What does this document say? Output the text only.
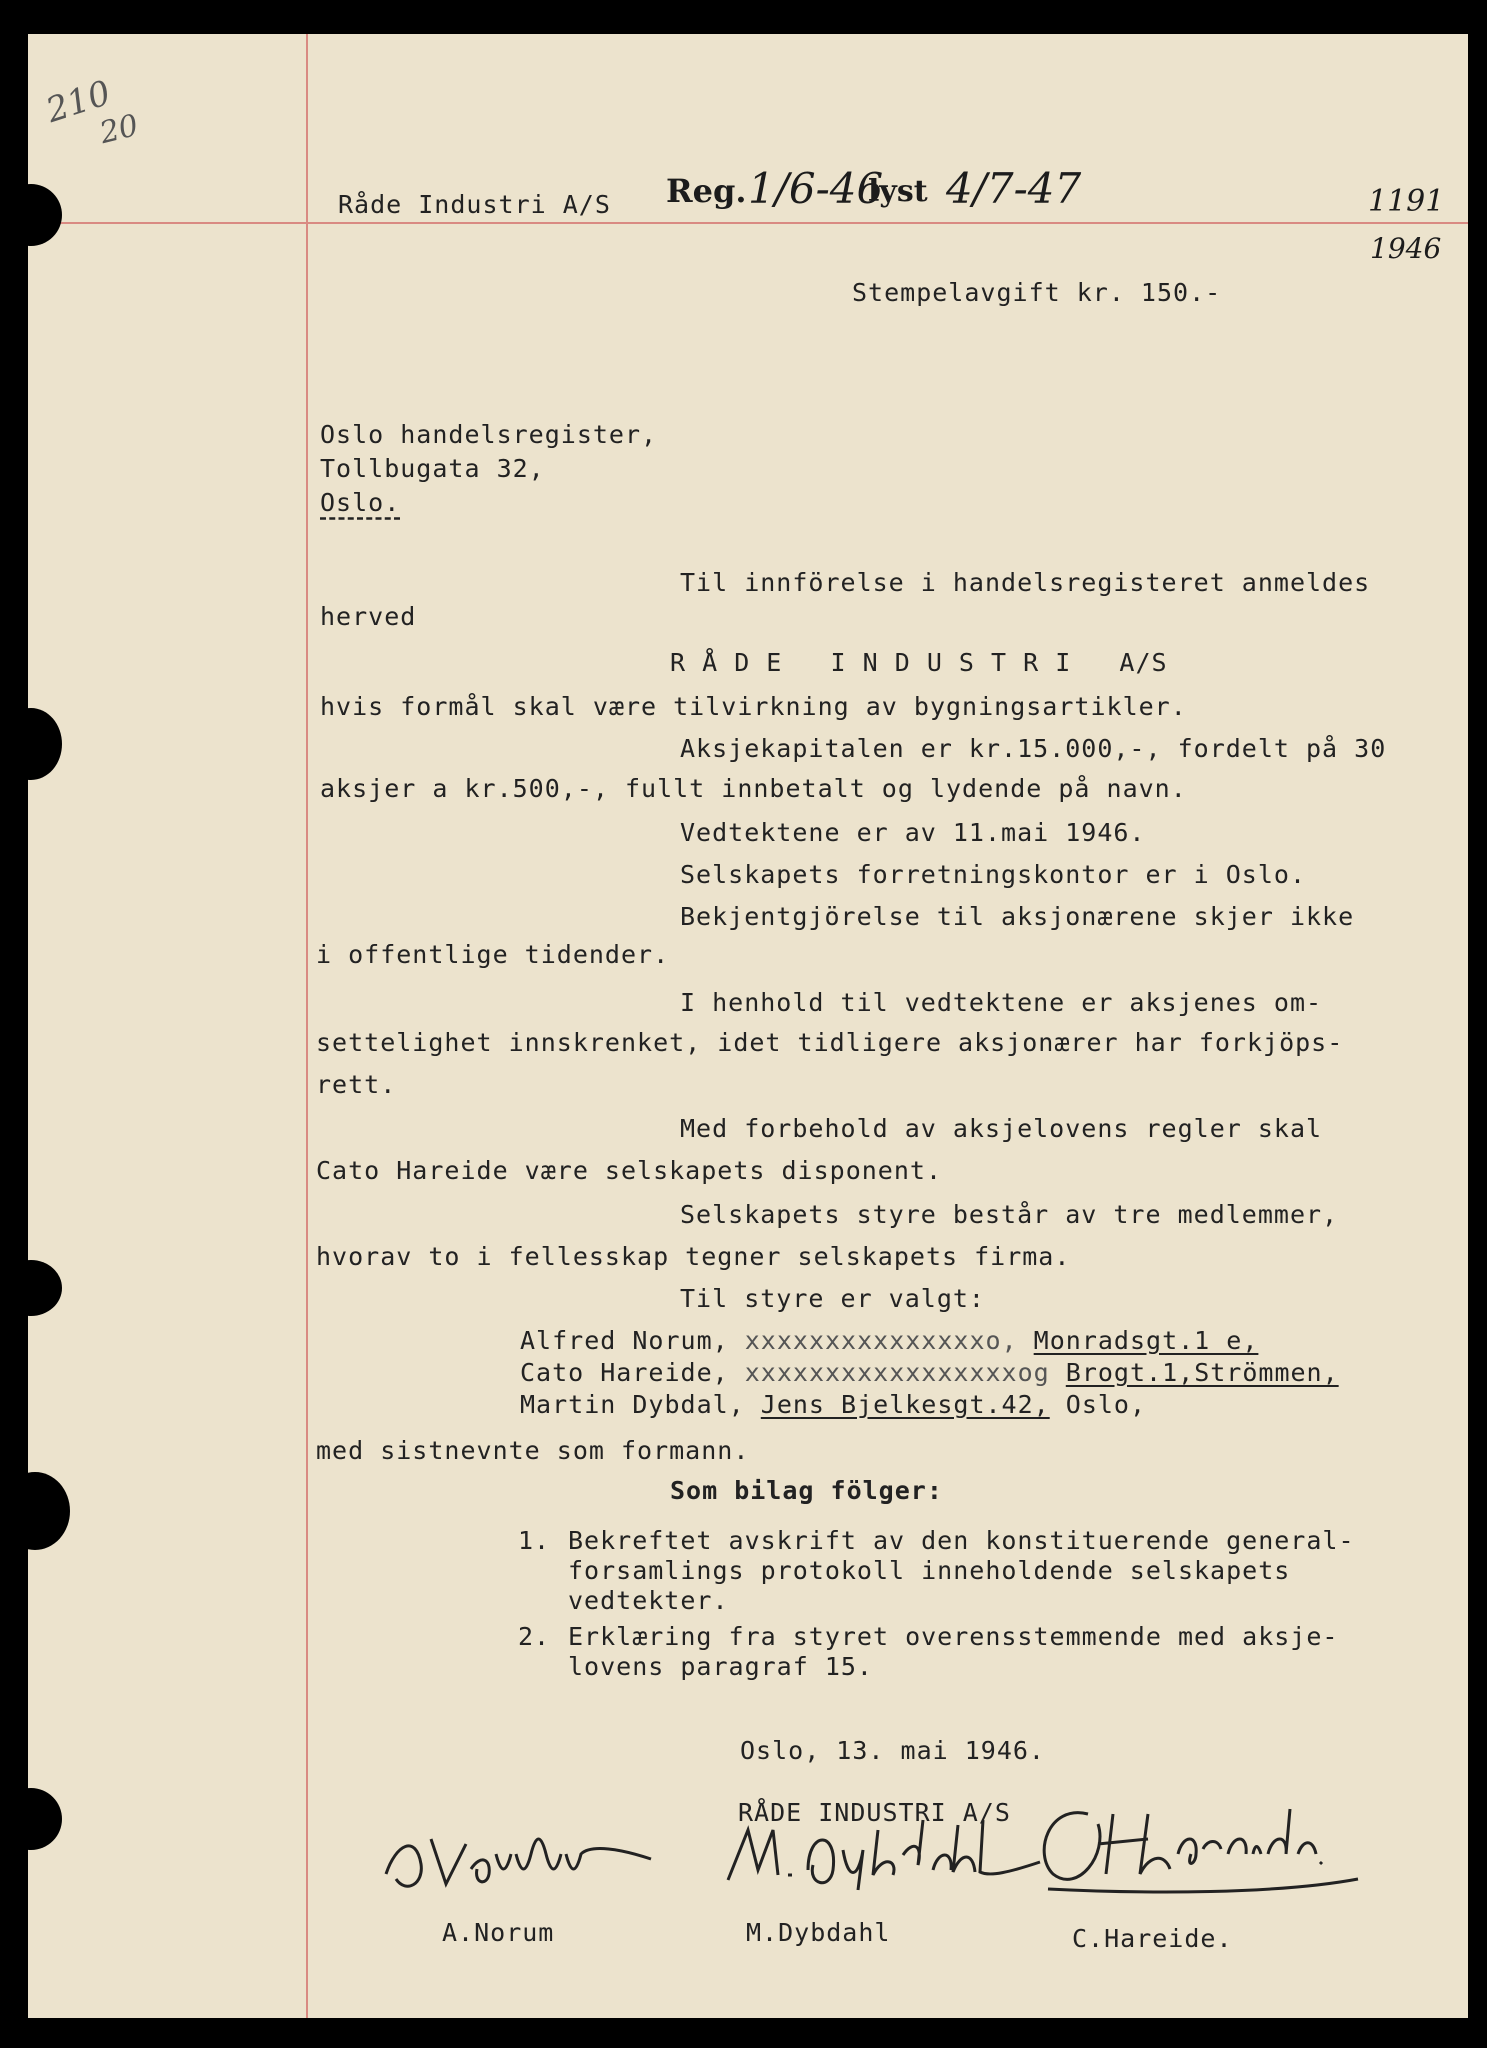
210
20
Råde Industri A/S Reg. 1/6-46
lyst 4/7-47	1191
1946
Stempelavgift kr. 150.-
Oslo handelsregister,
Tollbugata 32,
Oslo.
Til innförelse i handelsregisteret anmeldes
herved
R Å D E   I N D U S T R I   A/S
hvis formål skal være tilvirkning av bygningsartikler.
Aksjekapitalen er kr.15.000,-, fordelt på 30
aksjer a kr.500,-, fullt innbetalt og lydende på navn.
Vedtektene er av 11.mai 1946.
Selskapets forretningskontor er i Oslo.
Bekjentgjörelse til aksjonærene skjer ikke
i offentlige tidender.
I henhold til vedtektene er aksjenes om-
settelighet innskrenket, idet tidligere aksjonærer har forkjöps-
rett.
Med forbehold av aksjelovens regler skal
Cato Hareide være selskapets disponent.
Selskapets styre består av tre medlemmer,
hvorav to i fellesskap tegner selskapets firma.
Til styre er valgt:
Alfred Norum, xxxxxxxxxxxxxxxo, Monradsgt.1 e,
Cato Hareide, xxxxxxxxxxxxxxxxxog Brogt.1,Strömmen,
Martin Dybdal, Jens Bjelkesgt.42, Oslo,
med sistnevnte som formann.
Som bilag fölger:
1. Bekreftet avskrift av den konstituerende general-
forsamlings protokoll inneholdende selskapets
vedtekter.
2. Erklæring fra styret overensstemmende med aksje-
lovens paragraf 15.
Oslo, 13. mai 1946.
RÅDE INDUSTRI A/S
A.Norum	M.Dybdahl	C.Hareide.
